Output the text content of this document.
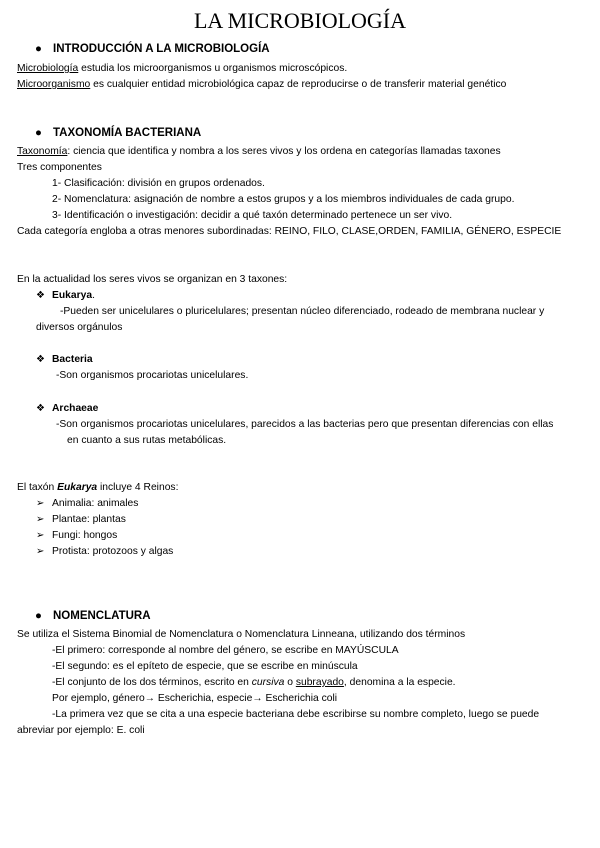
LA MICROBIOLOGÍA
● INTRODUCCIÓN A LA MICROBIOLOGÍA
Microbiología estudia los microorganismos u organismos microscópicos.
Microorganismo es cualquier entidad microbiológica capaz de reproducirse o de transferir material genético
● TAXONOMÍA BACTERIANA
Taxonomía: ciencia que identifica y nombra a los seres vivos y los ordena en categorías llamadas taxones
Tres componentes
1- Clasificación: división en grupos ordenados.
2- Nomenclatura: asignación de nombre a estos grupos y a los miembros individuales de cada grupo.
3- Identificación o investigación: decidir a qué taxón determinado pertenece un ser vivo.
Cada categoría engloba a otras menores subordinadas: REINO, FILO, CLASE,ORDEN, FAMILIA, GÉNERO, ESPECIE
En la actualidad los seres vivos se organizan en 3 taxones:
❖ Eukarya.
-Pueden ser unicelulares o pluricelulares; presentan núcleo diferenciado, rodeado de membrana nuclear y
diversos orgánulos
❖ Bacteria
-Son organismos procariotas unicelulares.
❖ Archaeae
-Son organismos procariotas unicelulares, parecidos a las bacterias pero que presentan diferencias con ellas
en cuanto a sus rutas metabólicas.
El taxón Eukarya incluye 4 Reinos:
➢ Animalia: animales
➢ Plantae: plantas
➢ Fungi: hongos
➢ Protista: protozoos y algas
● NOMENCLATURA
Se utiliza el Sistema Binomial de Nomenclatura o Nomenclatura Linneana, utilizando dos términos
-El primero: corresponde al nombre del género, se escribe en MAYÚSCULA
-El segundo: es el epíteto de especie, que se escribe en minúscula
-El conjunto de los dos términos, escrito en cursiva o subrayado, denomina a la especie.
Por ejemplo, género→ Escherichia, especie→ Escherichia coli
-La primera vez que se cita a una especie bacteriana debe escribirse su nombre completo, luego se puede
abreviar por ejemplo: E. coli
